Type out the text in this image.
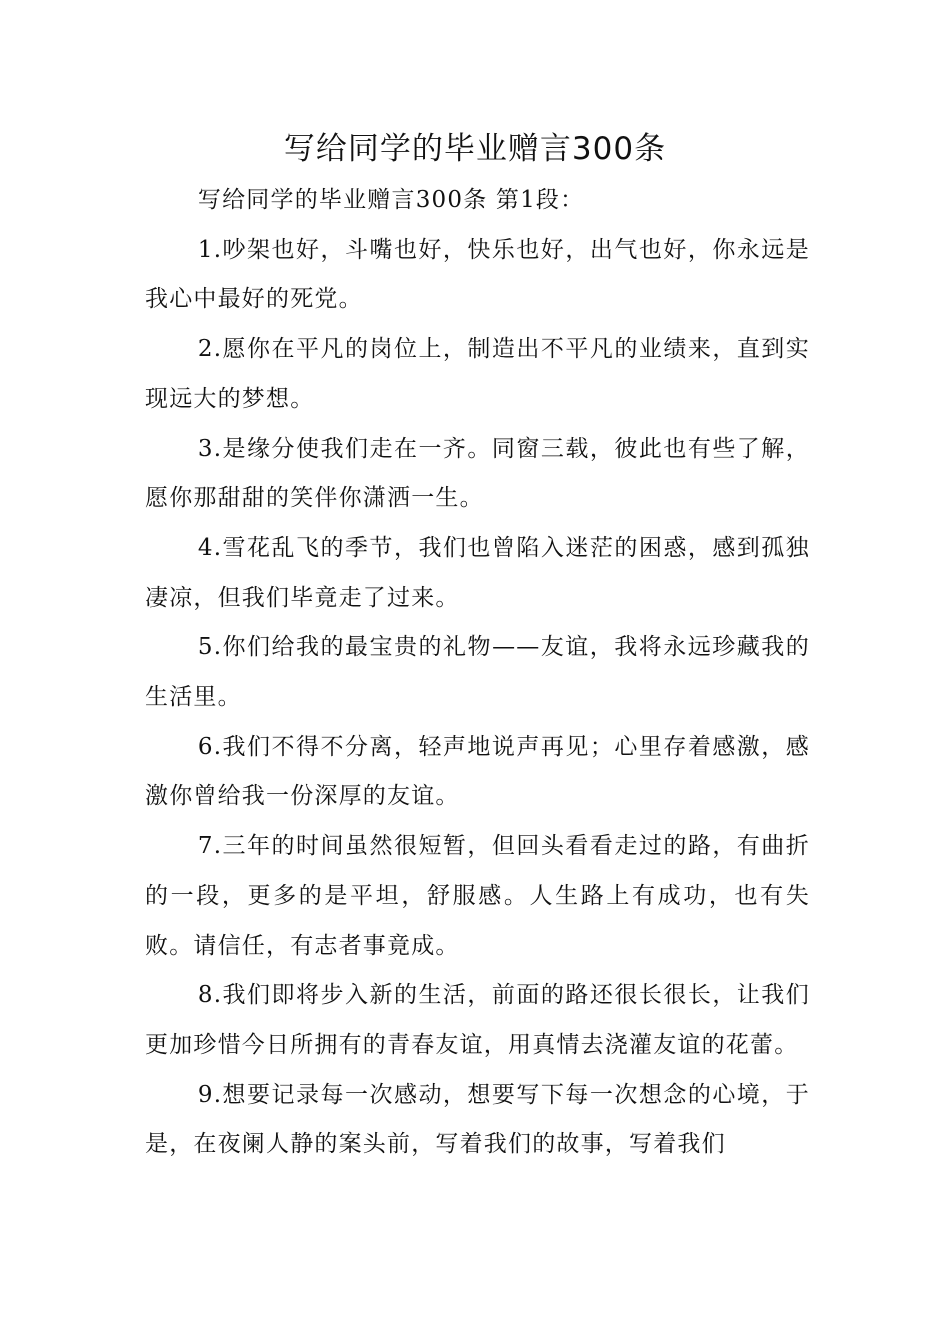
写给同学的毕业赠言300条

写给同学的毕业赠言300条 第1段：

1.吵架也好，斗嘴也好，快乐也好，出气也好，你永远是我心中最好的死党。

2.愿你在平凡的岗位上，制造出不平凡的业绩来，直到实现远大的梦想。

3.是缘分使我们走在一齐。同窗三载，彼此也有些了解，愿你那甜甜的笑伴你潇洒一生。

4.雪花乱飞的季节，我们也曾陷入迷茫的困惑，感到孤独凄凉，但我们毕竟走了过来。

5.你们给我的最宝贵的礼物——友谊，我将永远珍藏我的生活里。

6.我们不得不分离，轻声地说声再见；心里存着感激，感激你曾给我一份深厚的友谊。

7.三年的时间虽然很短暂，但回头看看走过的路，有曲折的一段，更多的是平坦，舒服感。人生路上有成功，也有失败。请信任，有志者事竟成。

8.我们即将步入新的生活，前面的路还很长很长，让我们更加珍惜今日所拥有的青春友谊，用真情去浇灌友谊的花蕾。

9.想要记录每一次感动，想要写下每一次想念的心境，于是，在夜阑人静的案头前，写着我们的故事，写着我们
